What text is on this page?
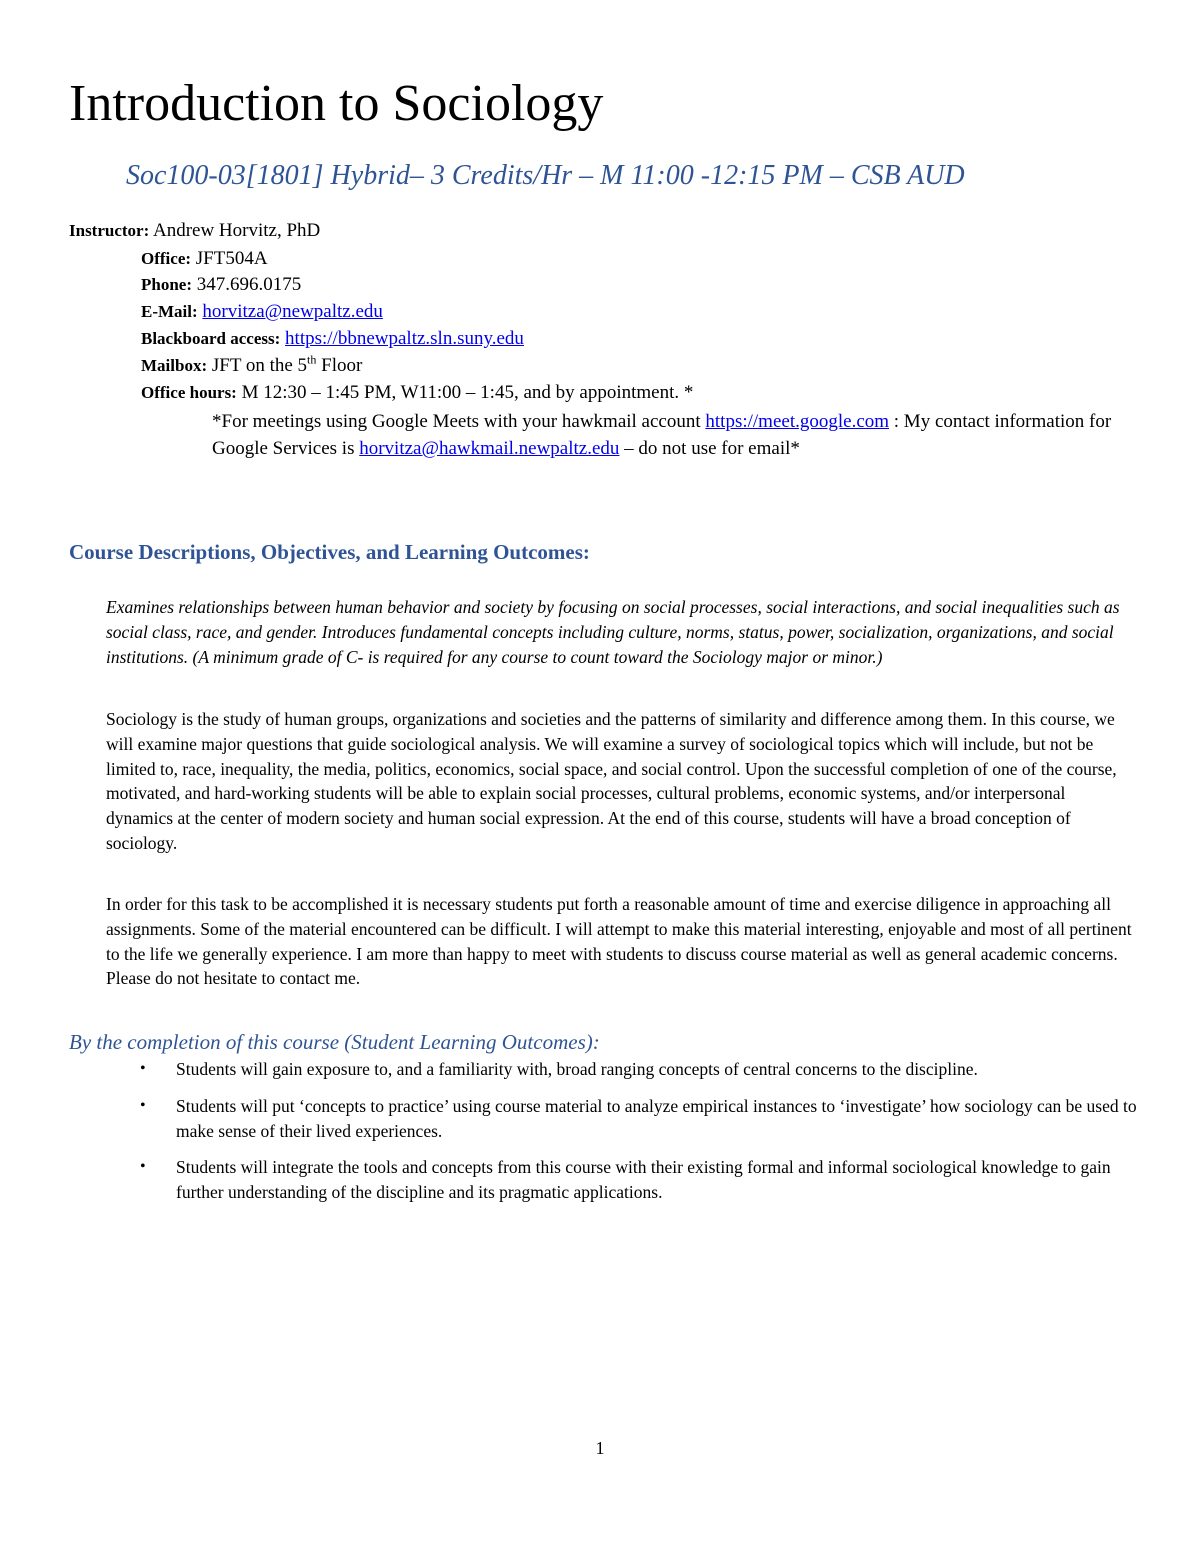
Introduction to Sociology
Soc100-03[1801] Hybrid– 3 Credits/Hr – M 11:00 -12:15 PM – CSB AUD
Instructor: Andrew Horvitz, PhD
Office: JFT504A
Phone: 347.696.0175
E-Mail: horvitza@newpaltz.edu
Blackboard access: https://bbnewpaltz.sln.suny.edu
Mailbox: JFT on the 5th Floor
Office hours: M 12:30 – 1:45 PM, W11:00 – 1:45, and by appointment. *
*For meetings using Google Meets with your hawkmail account https://meet.google.com : My contact information for Google Services is horvitza@hawkmail.newpaltz.edu – do not use for email*
Course Descriptions, Objectives, and Learning Outcomes:
Examines relationships between human behavior and society by focusing on social processes, social interactions, and social inequalities such as social class, race, and gender. Introduces fundamental concepts including culture, norms, status, power, socialization, organizations, and social institutions. (A minimum grade of C- is required for any course to count toward the Sociology major or minor.)
Sociology is the study of human groups, organizations and societies and the patterns of similarity and difference among them. In this course, we will examine major questions that guide sociological analysis. We will examine a survey of sociological topics which will include, but not be limited to, race, inequality, the media, politics, economics, social space, and social control. Upon the successful completion of one of the course, motivated, and hard-working students will be able to explain social processes, cultural problems, economic systems, and/or interpersonal dynamics at the center of modern society and human social expression. At the end of this course, students will have a broad conception of sociology.
In order for this task to be accomplished it is necessary students put forth a reasonable amount of time and exercise diligence in approaching all assignments. Some of the material encountered can be difficult. I will attempt to make this material interesting, enjoyable and most of all pertinent to the life we generally experience. I am more than happy to meet with students to discuss course material as well as general academic concerns. Please do not hesitate to contact me.
By the completion of this course (Student Learning Outcomes):
• Students will gain exposure to, and a familiarity with, broad ranging concepts of central concerns to the discipline.
• Students will put ‘concepts to practice’ using course material to analyze empirical instances to ‘investigate’ how sociology can be used to make sense of their lived experiences.
• Students will integrate the tools and concepts from this course with their existing formal and informal sociological knowledge to gain further understanding of the discipline and its pragmatic applications.
1
